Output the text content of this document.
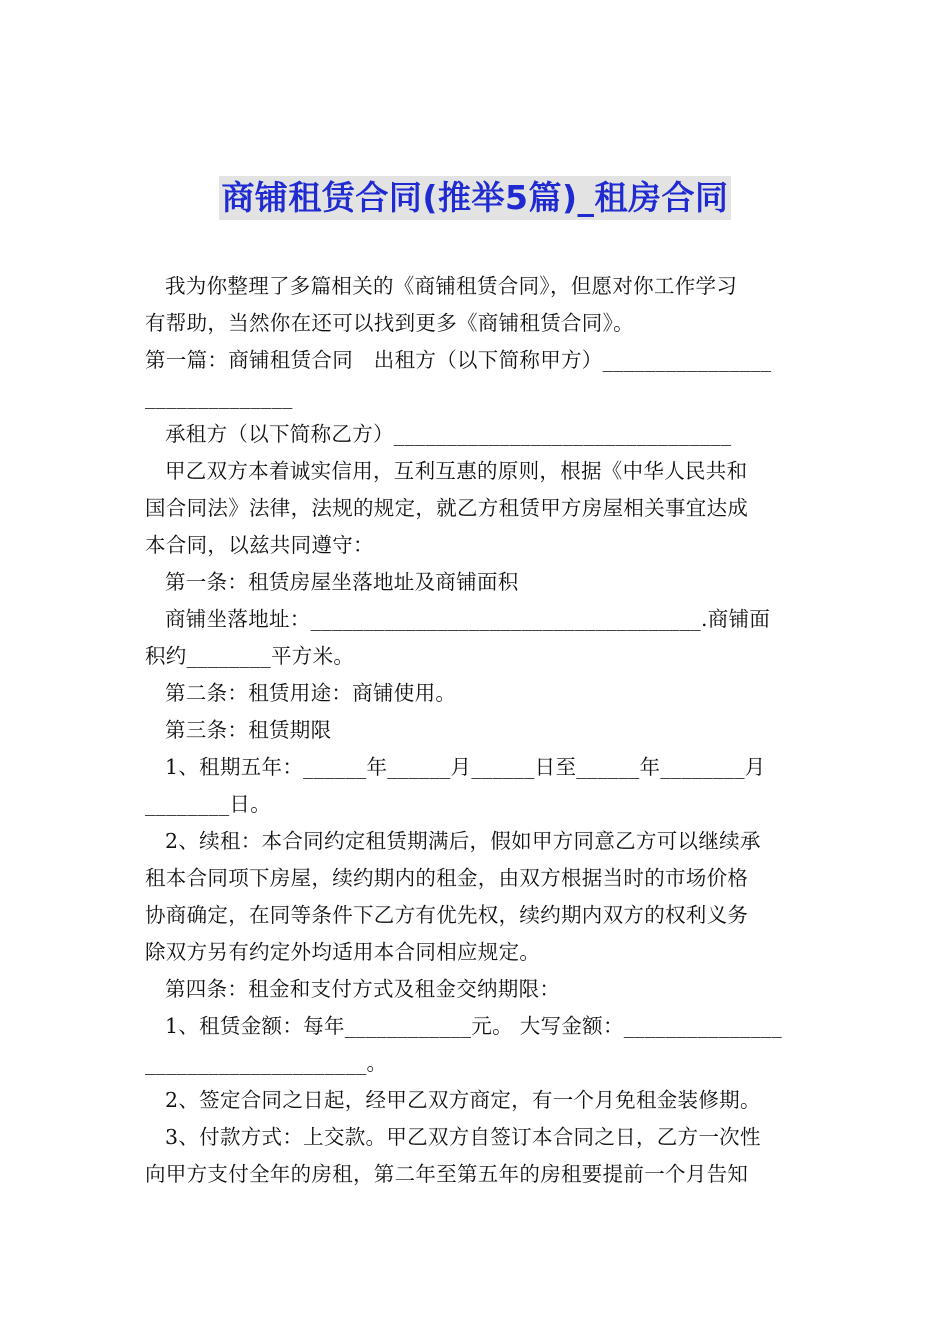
商铺租赁合同(推举5篇)_租房合同
我为你整理了多篇相关的《商铺租赁合同》，但愿对你工作学习
有帮助，当然你在还可以找到更多《商铺租赁合同》。
第一篇：商铺租赁合同　出租方（以下简称甲方）________________
______________
承租方（以下简称乙方）________________________________
甲乙双方本着诚实信用，互利互惠的原则，根据《中华人民共和
国合同法》法律，法规的规定，就乙方租赁甲方房屋相关事宜达成
本合同，以兹共同遵守：
第一条：租赁房屋坐落地址及商铺面积
商铺坐落地址：_____________________________________.商铺面
积约________平方米。
第二条：租赁用途：商铺使用。
第三条：租赁期限
1、租期五年：______年______月______日至______年________月
________日。
2、续租：本合同约定租赁期满后，假如甲方同意乙方可以继续承
租本合同项下房屋，续约期内的租金，由双方根据当时的市场价格
协商确定，在同等条件下乙方有优先权，续约期内双方的权利义务
除双方另有约定外均适用本合同相应规定。
第四条：租金和支付方式及租金交纳期限：
1、租赁金额：每年____________元。 大写金额：_______________
_____________________。
2、签定合同之日起，经甲乙双方商定，有一个月免租金装修期。
3、付款方式：上交款。甲乙双方自签订本合同之日，乙方一次性
向甲方支付全年的房租，第二年至第五年的房租要提前一个月告知
